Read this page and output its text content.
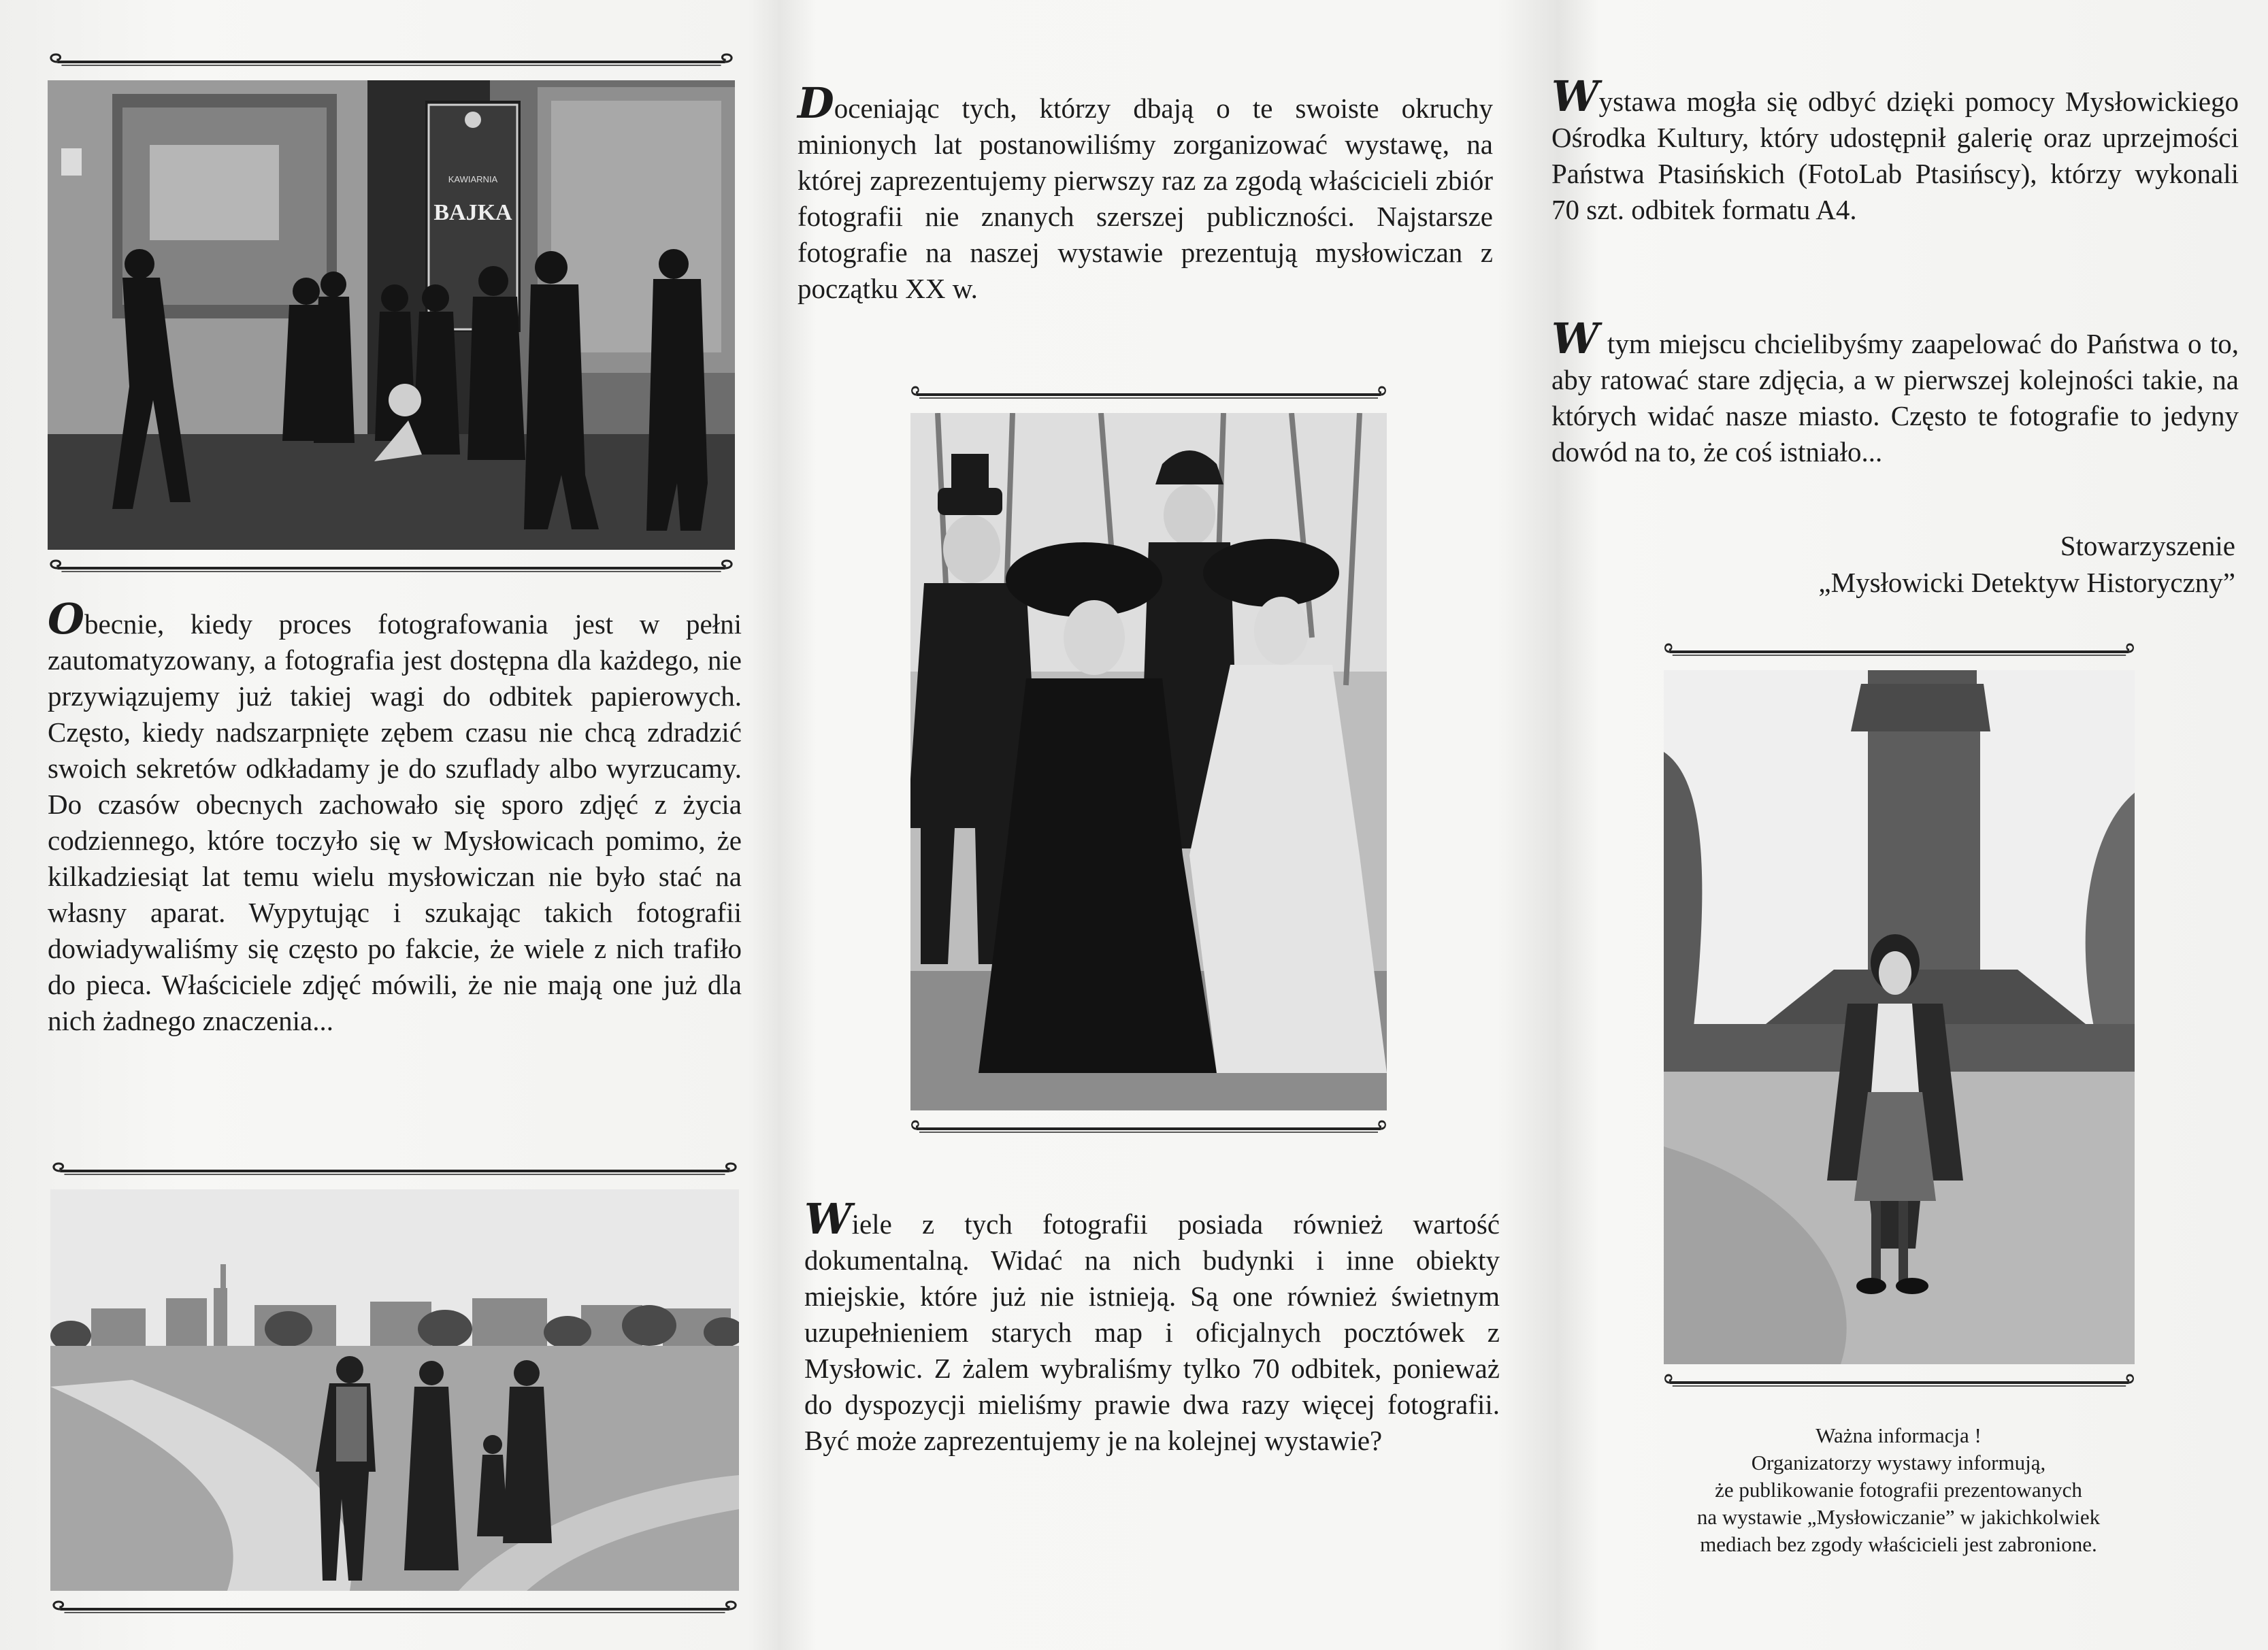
KAWIARNIA
BAJKA

Obecnie, kiedy proces fotografowania jest w pełni zautomatyzowany, a fotografia jest dostępna dla każdego, nie przywiązujemy już takiej wagi do odbitek papierowych. Często, kiedy nadszarpnięte zębem czasu nie chcą zdradzić swoich sekretów odkładamy je do szuflady albo wyrzucamy. Do czasów obecnych zachowało się sporo zdjęć z życia codziennego, które toczyło się w Mysłowicach pomimo, że kilkadziesiąt lat temu wielu mysłowiczan nie było stać na własny aparat. Wypytując i szukając takich fotografii dowiadywaliśmy się często po fakcie, że wiele z nich trafiło do pieca. Właściciele zdjęć mówili, że nie mają one już dla nich żadnego znaczenia...

Doceniając tych, którzy dbają o te swoiste okruchy minionych lat postanowiliśmy zorganizować wystawę, na której zaprezentujemy pierwszy raz za zgodą właścicieli zbiór fotografii nie znanych szerszej publiczności. Najstarsze fotografie na naszej wystawie prezentują mysłowiczan z początku XX w.

Wiele z tych fotografii posiada również wartość dokumentalną. Widać na nich budynki i inne obiekty miejskie, które już nie istnieją. Są one również świetnym uzupełnieniem starych map i oficjalnych pocztówek z Mysłowic. Z żalem wybraliśmy tylko 70 odbitek, ponieważ do dyspozycji mieliśmy prawie dwa razy więcej fotografii. Być może zaprezentujemy je na kolejnej wystawie?

Wystawa mogła się odbyć dzięki pomocy Mysłowickiego Ośrodka Kultury, który udostępnił galerię oraz uprzejmości Państwa Ptasińskich (FotoLab Ptasińscy), którzy wykonali 70 szt. odbitek formatu A4.

W tym miejscu chcielibyśmy zaapelować do Państwa o to, aby ratować stare zdjęcia, a w pierwszej kolejności takie, na których widać nasze miasto. Często te fotografie to jedyny dowód na to, że coś istniało...

Stowarzyszenie
„Mysłowicki Detektyw Historyczny”
Ważna informacja !
Organizatorzy wystawy informują,
że publikowanie fotografii prezentowanych
na wystawie „Mysłowiczanie” w jakichkolwiek
mediach bez zgody właścicieli jest zabronione.
